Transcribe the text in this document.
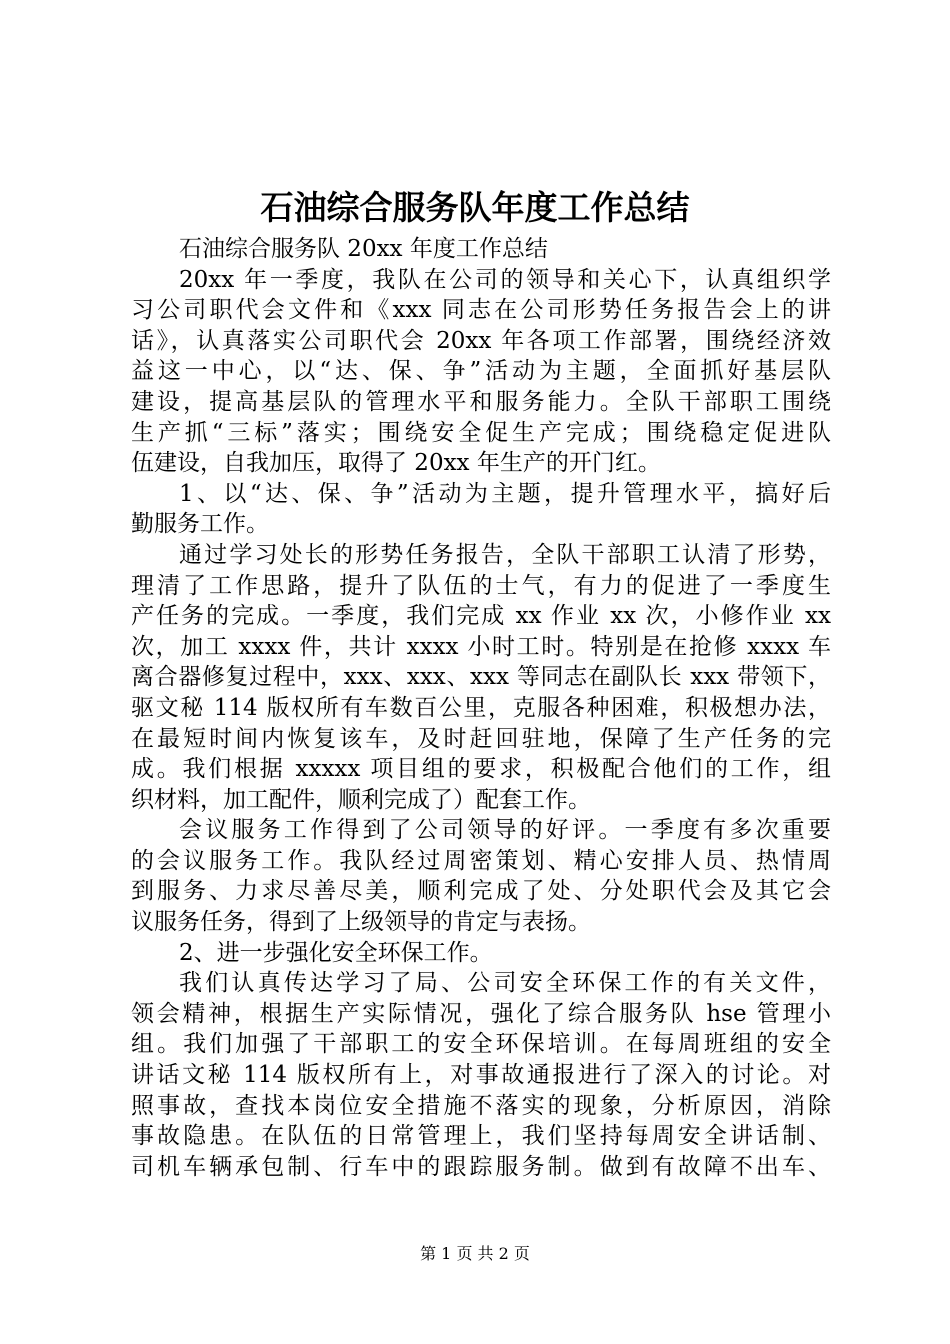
石油综合服务队年度工作总结
石油综合服务队 20xx 年度工作总结
20xx 年一季度，我队在公司的领导和关心下，认真组织学
习公司职代会文件和《xxx 同志在公司形势任务报告会上的讲
话》，认真落实公司职代会 20xx 年各项工作部署，围绕经济效
益这一中心，以“达、保、争”活动为主题，全面抓好基层队
建设，提高基层队的管理水平和服务能力。全队干部职工围绕
生产抓“三标”落实；围绕安全促生产完成；围绕稳定促进队
伍建设，自我加压，取得了 20xx 年生产的开门红。
1、以“达、保、争”活动为主题，提升管理水平，搞好后
勤服务工作。
通过学习处长的形势任务报告，全队干部职工认清了形势，
理清了工作思路，提升了队伍的士气，有力的促进了一季度生
产任务的完成。一季度，我们完成 xx 作业 xx 次，小修作业 xx
次，加工 xxxx 件，共计 xxxx 小时工时。特别是在抢修 xxxx 车
离合器修复过程中，xxx、xxx、xxx 等同志在副队长 xxx 带领下，
驱文秘 114 版权所有车数百公里，克服各种困难，积极想办法，
在最短时间内恢复该车，及时赶回驻地，保障了生产任务的完
成。我们根据 xxxxx 项目组的要求，积极配合他们的工作，组
织材料，加工配件，顺利完成了）配套工作。
会议服务工作得到了公司领导的好评。一季度有多次重要
的会议服务工作。我队经过周密策划、精心安排人员、热情周
到服务、力求尽善尽美，顺利完成了处、分处职代会及其它会
议服务任务，得到了上级领导的肯定与表扬。
2、进一步强化安全环保工作。
我们认真传达学习了局、公司安全环保工作的有关文件，
领会精神，根据生产实际情况，强化了综合服务队 hse 管理小
组。我们加强了干部职工的安全环保培训。在每周班组的安全
讲话文秘 114 版权所有上，对事故通报进行了深入的讨论。对
照事故，查找本岗位安全措施不落实的现象，分析原因，消除
事故隐患。在队伍的日常管理上，我们坚持每周安全讲话制、
司机车辆承包制、行车中的跟踪服务制。做到有故障不出车、
第 1 页 共 2 页
